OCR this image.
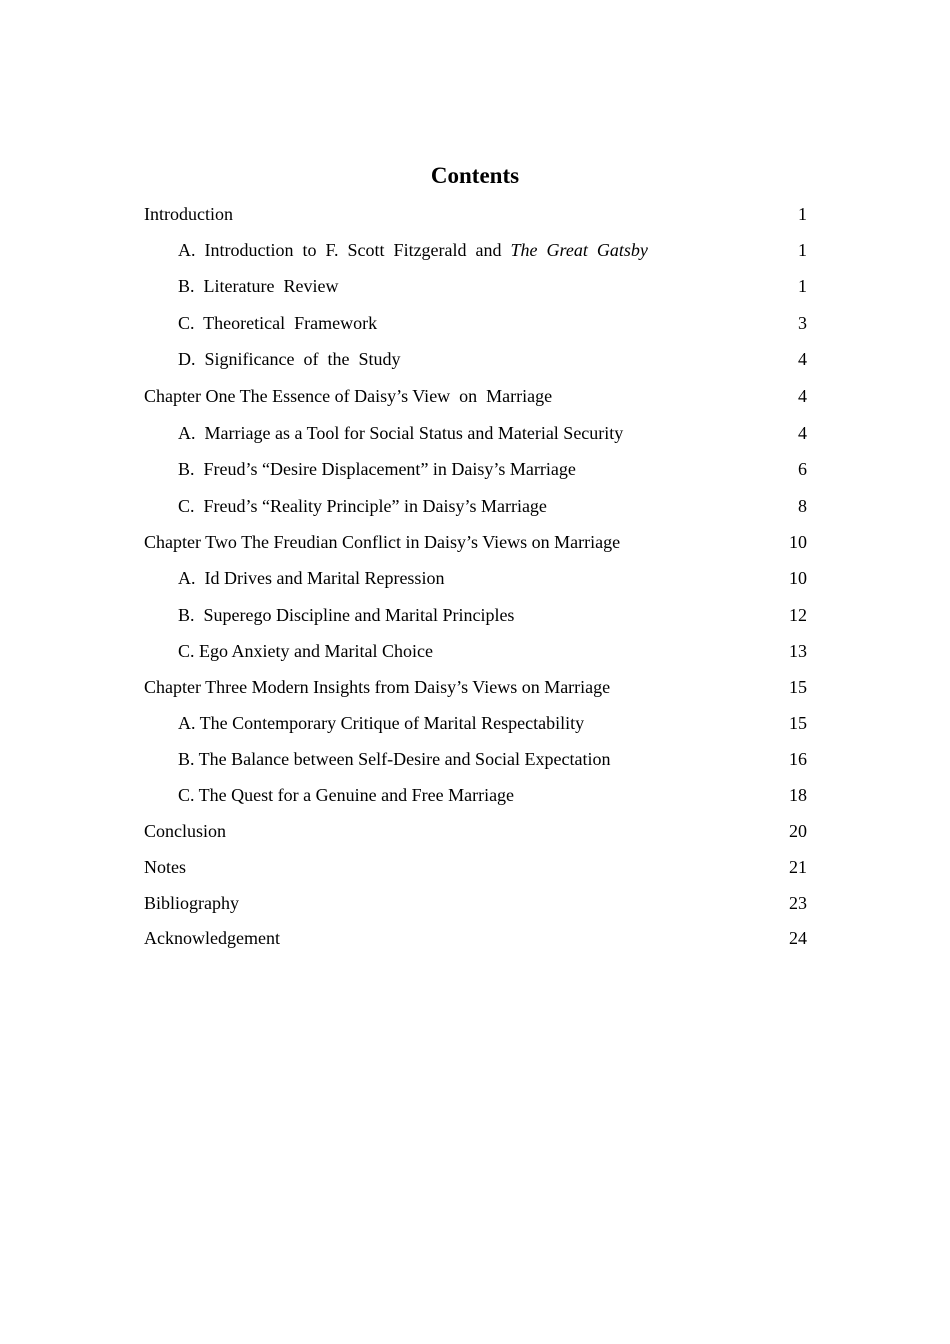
Contents
Introduction	1
A.  Introduction  to  F.  Scott  Fitzgerald  and  The  Great  Gatsby	1
B.  Literature  Review	1
C.  Theoretical  Framework	3
D.  Significance  of  the  Study	4
Chapter One The Essence of Daisy’s View  on  Marriage	4
A.  Marriage as a Tool for Social Status and Material Security	4
B.  Freud’s “Desire Displacement” in Daisy’s Marriage	6
C.  Freud’s “Reality Principle” in Daisy’s Marriage	8
Chapter Two The Freudian Conflict in Daisy’s Views on Marriage	10
A.  Id Drives and Marital Repression	10
B.  Superego Discipline and Marital Principles	12
C. Ego Anxiety and Marital Choice	13
Chapter Three Modern Insights from Daisy’s Views on Marriage	15
A. The Contemporary Critique of Marital Respectability	15
B. The Balance between Self-Desire and Social Expectation	16
C. The Quest for a Genuine and Free Marriage	18
Conclusion	20
Notes	21
Bibliography	23
Acknowledgement	24
